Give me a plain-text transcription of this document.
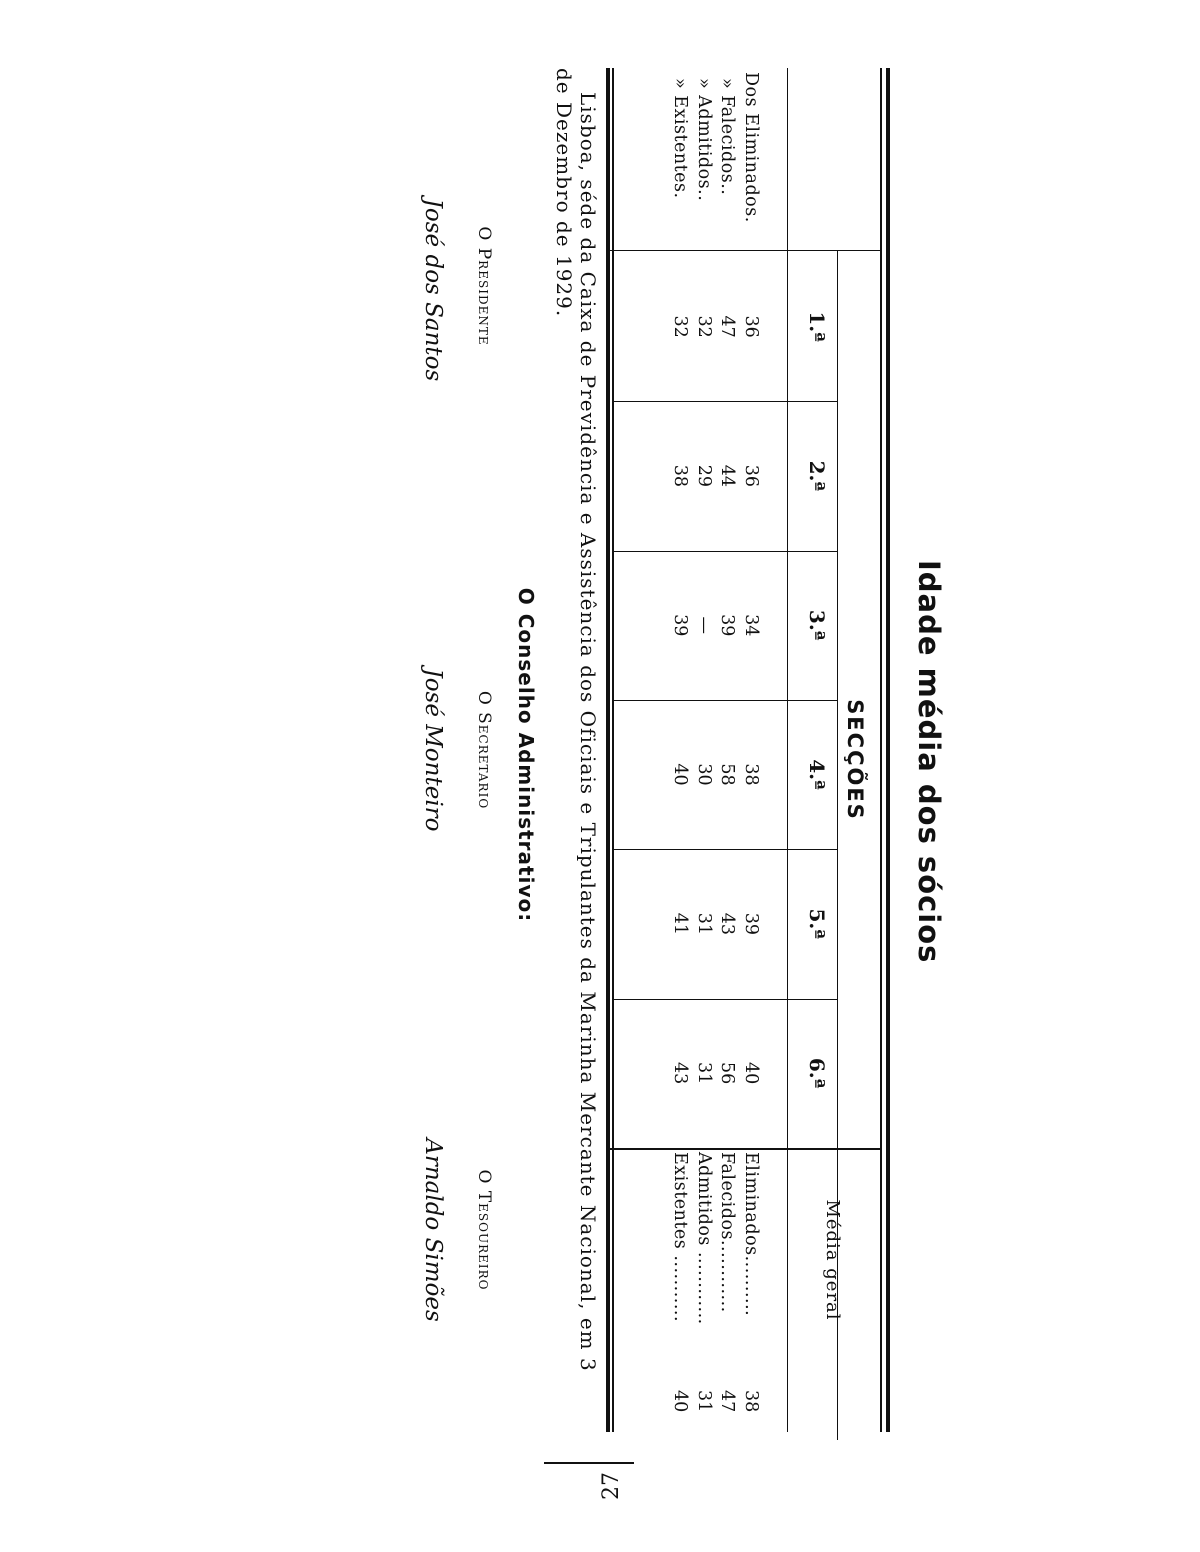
Idade média dos sócios
SECÇÕES
1.ª
2.ª
3.ª
4.ª
5.ª
6.ª
Média geral
Dos Eliminados.
» Falecidos..
» Admitidos..
» Existentes.
36
47
32
32
36
44
29
38
34
39
—
39
38
58
30
40
39
43
31
41
40
56
31
43
Eliminados..........
Falecidos............
Admitidos ............
Existentes ...........
38
47
31
40
Lisboa, séde da Caixa de Previdência e Assistência dos Oficiais e Tripulantes da Marinha Mercante Nacional, em 3
de Dezembro de 1929.
O Conselho Administrativo:
O Presidente
O Secretario
O Tesoureiro
José dos Santos
José Monteiro
Arnaldo Simões
27
